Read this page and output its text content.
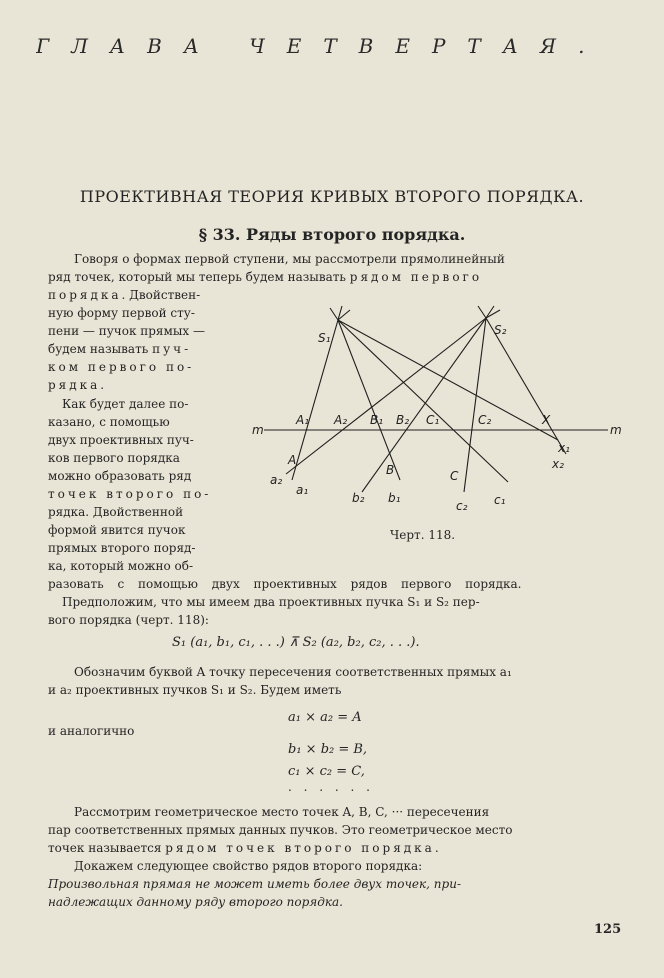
ГЛАВА ЧЕТВЕРТАЯ.
ПРОЕКТИВНАЯ ТЕОРИЯ КРИВЫХ ВТОРОГО ПОРЯДКА.
§ 33. Ряды второго порядка.
Говоря о формах первой ступени, мы рассмотрели прямолинейный
ряд точек, который мы теперь будем называть рядом первого
порядка. Двойствен-
ную форму первой сту-
пени — пучок прямых —
будем называть пуч-
ком первого по-
рядка.
Как будет далее по-
казано, с помощью
двух проективных пуч-
ков первого порядка
можно образовать ряд
точек второго по-
рядка. Двойственной
формой явится пучок
прямых второго поряд-
ка, который можно об-
S₁
S₂
A₁ A₂ B₁ B₂ C₁	C₂	X
m	m
A
B	C
a₂
a₁
b₂ b₁
c₂ c₁
x₁
x₂
Черт. 118.
разовать с помощью двух проективных рядов первого порядка.
Предположим, что мы имеем два проективных пучка S₁ и S₂ пер-
вого порядка (черт. 118):
S₁ (a₁, b₁, c₁, . . .) ⊼ S₂ (a₂, b₂, c₂, . . .).
Обозначим буквой A точку пересечения соответственных прямых a₁
и a₂ проективных пучков S₁ и S₂. Будем иметь
a₁ × a₂ = A
и аналогично
b₁ × b₂ = B,
c₁ × c₂ = C,
. . . . . .
Рассмотрим геометрическое место точек A, B, C, ··· пересечения
пар соответственных прямых данных пучков. Это геометрическое место
точек называется рядом точек второго порядка.
Докажем следующее свойство рядов второго порядка:
Произвольная прямая не может иметь более двух точек, при-
надлежащих данному ряду второго порядка.
125
